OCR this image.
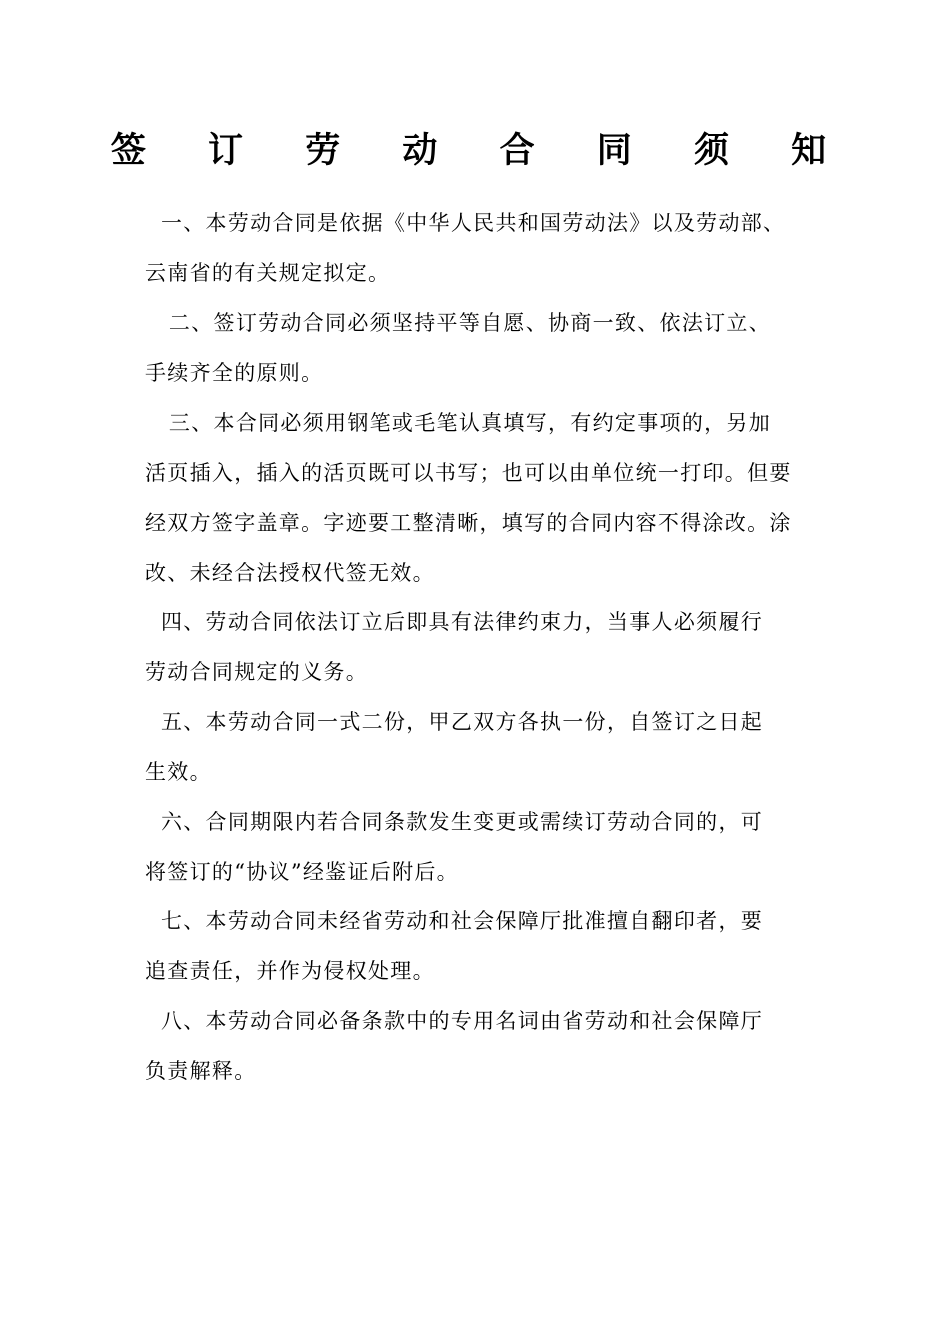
签 订 劳 动 合 同 须 知
一、本劳动合同是依据《中华人民共和国劳动法》以及劳动部、
云南省的有关规定拟定。
二、签订劳动合同必须坚持平等自愿、协商一致、依法订立、
手续齐全的原则。
三、本合同必须用钢笔或毛笔认真填写，有约定事项的，另加
活页插入，插入的活页既可以书写；也可以由单位统一打印。但要
经双方签字盖章。字迹要工整清晰，填写的合同内容不得涂改。涂
改、未经合法授权代签无效。
四、劳动合同依法订立后即具有法律约束力，当事人必须履行
劳动合同规定的义务。
五、本劳动合同一式二份，甲乙双方各执一份，自签订之日起
生效。
六、合同期限内若合同条款发生变更或需续订劳动合同的，可
将签订的“协议”经鉴证后附后。
七、本劳动合同未经省劳动和社会保障厅批准擅自翻印者，要
追查责任，并作为侵权处理。
八、本劳动合同必备条款中的专用名词由省劳动和社会保障厅
负责解释。
